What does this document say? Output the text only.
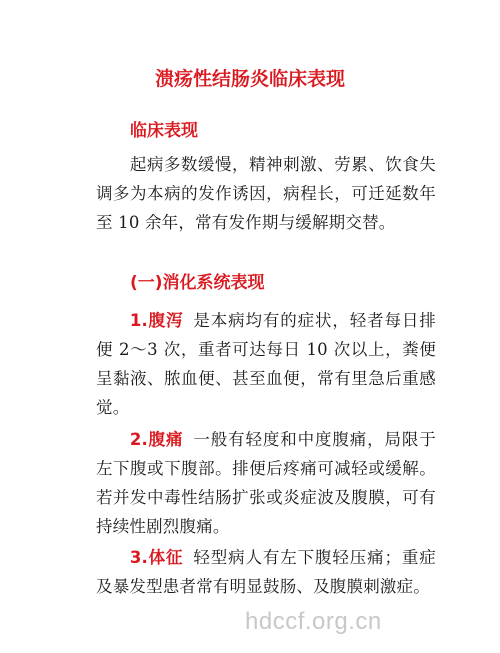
溃疡性结肠炎临床表现
临床表现

起病多数缓慢，精神刺激、劳累、饮食失调多为本病的发作诱因，病程长，可迁延数年至 10 余年，常有发作期与缓解期交替。

(一)消化系统表现

1.腹泻 是本病均有的症状，轻者每日排便 2～3 次，重者可达每日 10 次以上，粪便呈黏液、脓血便、甚至血便，常有里急后重感觉。

2.腹痛 一般有轻度和中度腹痛，局限于左下腹或下腹部。排便后疼痛可减轻或缓解。若并发中毒性结肠扩张或炎症波及腹膜，可有持续性剧烈腹痛。

3.体征 轻型病人有左下腹轻压痛；重症及暴发型患者常有明显鼓肠、及腹膜刺激症。

hdccf.org.cn
